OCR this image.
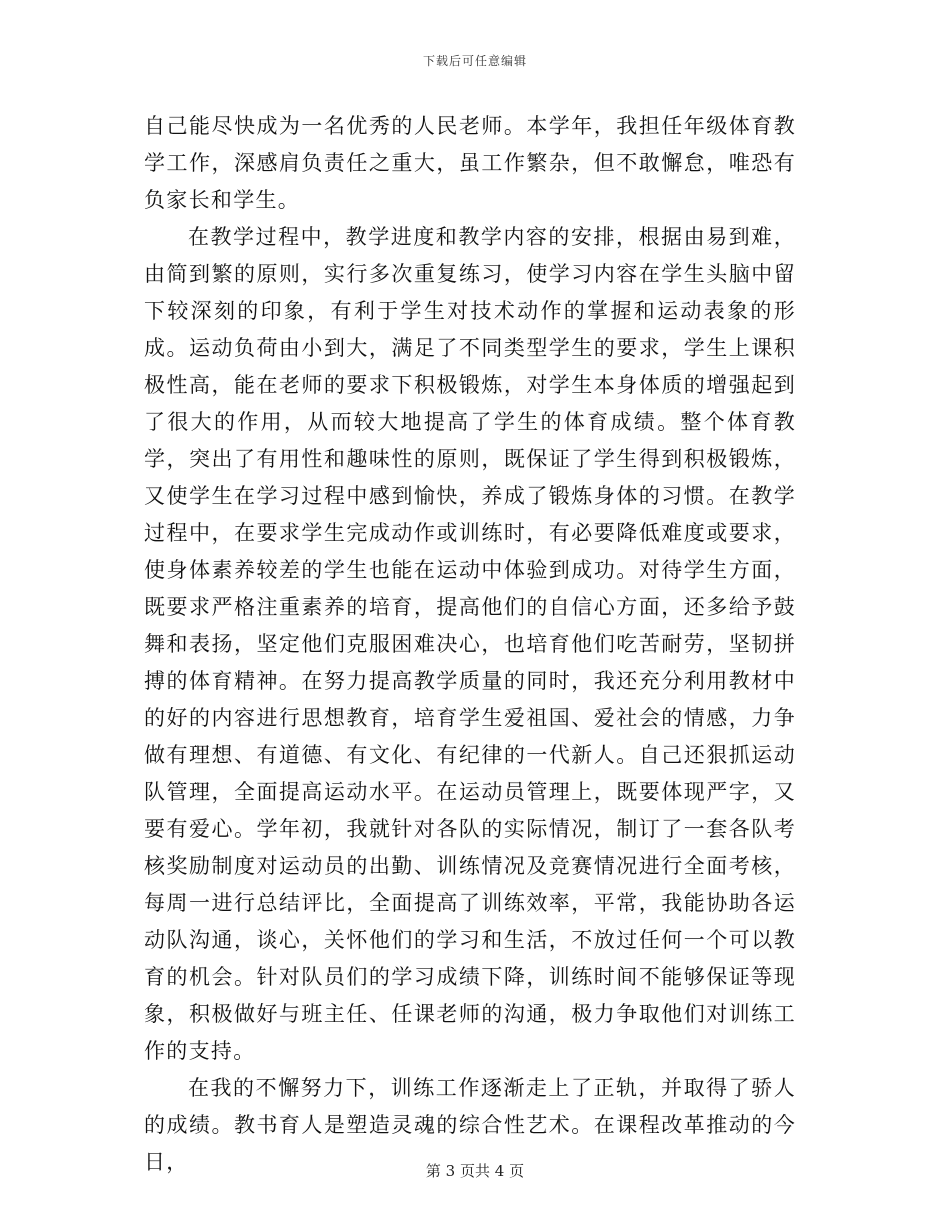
下载后可任意编辑

自己能尽快成为一名优秀的人民老师。本学年，我担任年级体育教学工作，深感肩负责任之重大，虽工作繁杂，但不敢懈怠，唯恐有负家长和学生。

在教学过程中，教学进度和教学内容的安排，根据由易到难，由简到繁的原则，实行多次重复练习，使学习内容在学生头脑中留下较深刻的印象，有利于学生对技术动作的掌握和运动表象的形成。运动负荷由小到大，满足了不同类型学生的要求，学生上课积极性高，能在老师的要求下积极锻炼，对学生本身体质的增强起到了很大的作用，从而较大地提高了学生的体育成绩。整个体育教学，突出了有用性和趣味性的原则，既保证了学生得到积极锻炼，又使学生在学习过程中感到愉快，养成了锻炼身体的习惯。在教学过程中，在要求学生完成动作或训练时，有必要降低难度或要求，使身体素养较差的学生也能在运动中体验到成功。对待学生方面，既要求严格注重素养的培育，提高他们的自信心方面，还多给予鼓舞和表扬，坚定他们克服困难决心，也培育他们吃苦耐劳，坚韧拼搏的体育精神。在努力提高教学质量的同时，我还充分利用教材中的好的内容进行思想教育，培育学生爱祖国、爱社会的情感，力争做有理想、有道德、有文化、有纪律的一代新人。自己还狠抓运动队管理，全面提高运动水平。在运动员管理上，既要体现严字，又要有爱心。学年初，我就针对各队的实际情况，制订了一套各队考核奖励制度对运动员的出勤、训练情况及竞赛情况进行全面考核，每周一进行总结评比，全面提高了训练效率，平常，我能协助各运动队沟通，谈心，关怀他们的学习和生活，不放过任何一个可以教育的机会。针对队员们的学习成绩下降，训练时间不能够保证等现象，积极做好与班主任、任课老师的沟通，极力争取他们对训练工作的支持。

在我的不懈努力下，训练工作逐渐走上了正轨，并取得了骄人的成绩。教书育人是塑造灵魂的综合性艺术。在课程改革推动的今日，	第 3 页共 4 页
